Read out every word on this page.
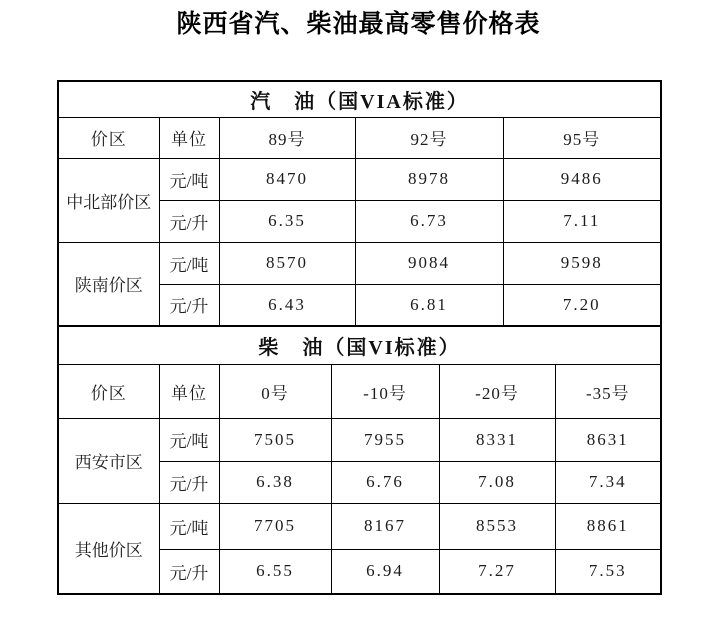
陕西省汽、柴油最高零售价格表
汽　油（国VIA标准）				
价区	单位	89号	92号	95号
中北部价区	元/吨	8470	8978	9486
	元/升	6.35	6.73	7.11
陕南价区	元/吨	8570	9084	9598
	元/升	6.43	6.81	7.20
柴　油（国VI标准）					
价区	单位	0号	-10号	-20号	-35号
西安市区	元/吨	7505	7955	8331	8631
	元/升	6.38	6.76	7.08	7.34
其他价区	元/吨	7705	8167	8553	8861
	元/升	6.55	6.94	7.27	7.53
